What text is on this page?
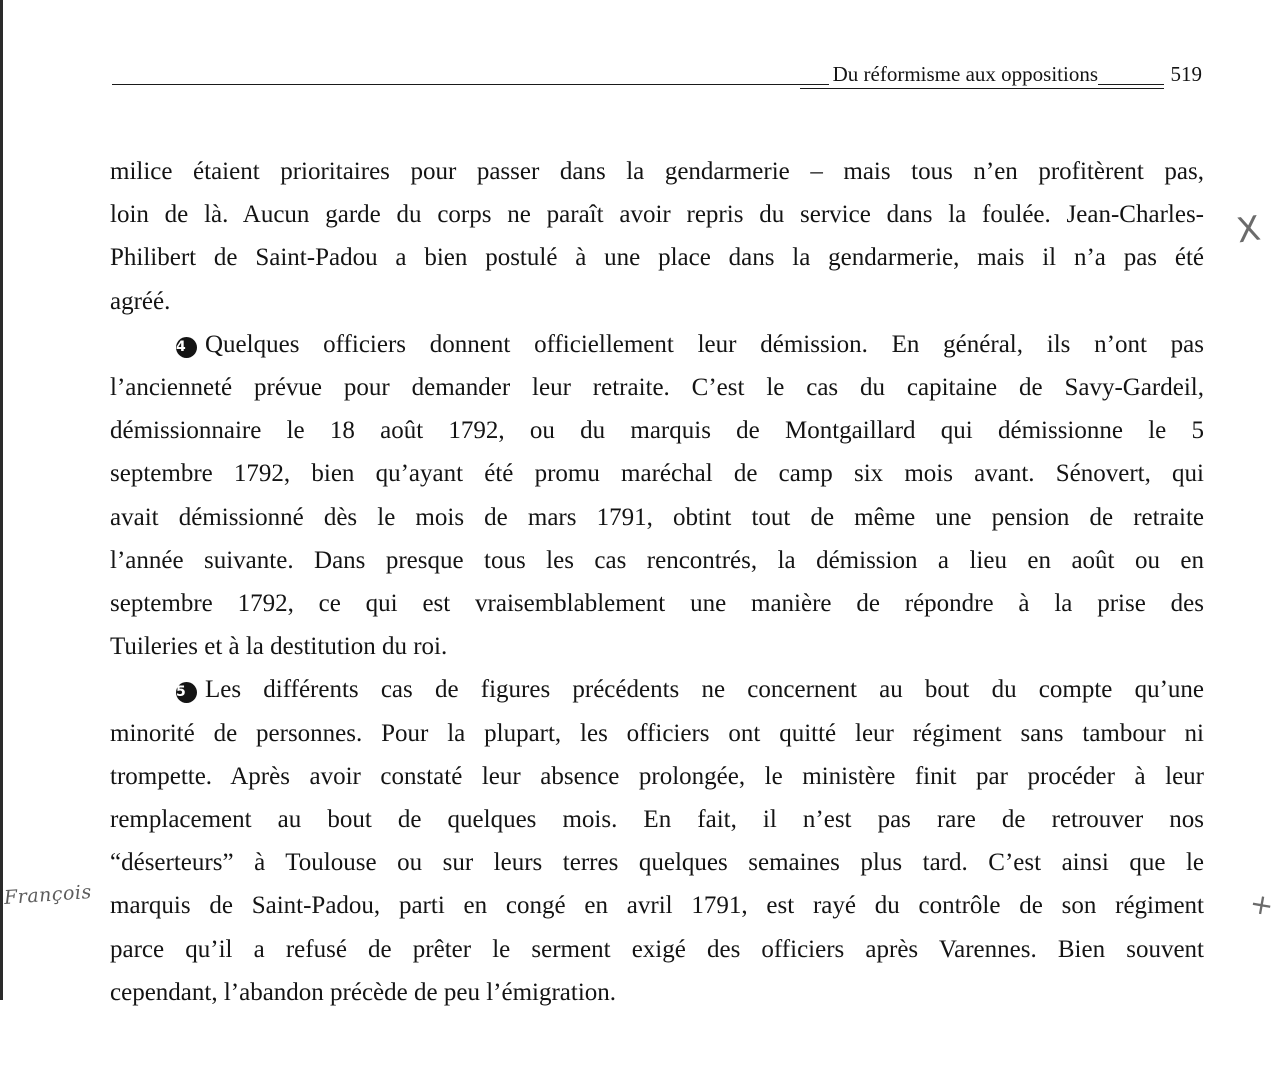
Du réformisme aux oppositions	519

milice étaient prioritaires pour passer dans la gendarmerie – mais tous n’en profitèrent pas,
loin de là. Aucun garde du corps ne paraît avoir repris du service dans la foulée. Jean-Charles-
Philibert de Saint-Padou a bien postulé à une place dans la gendarmerie, mais il n’a pas été
agréé.

4 Quelques officiers donnent officiellement leur démission. En général, ils n’ont pas
l’ancienneté prévue pour demander leur retraite. C’est le cas du capitaine de Savy-Gardeil,
démissionnaire le 18 août 1792, ou du marquis de Montgaillard qui démissionne le 5
septembre 1792, bien qu’ayant été promu maréchal de camp six mois avant. Sénovert, qui
avait démissionné dès le mois de mars 1791, obtint tout de même une pension de retraite
l’année suivante. Dans presque tous les cas rencontrés, la démission a lieu en août ou en
septembre 1792, ce qui est vraisemblablement une manière de répondre à la prise des
Tuileries et à la destitution du roi.

5 Les différents cas de figures précédents ne concernent au bout du compte qu’une
minorité de personnes. Pour la plupart, les officiers ont quitté leur régiment sans tambour ni
trompette. Après avoir constaté leur absence prolongée, le ministère finit par procéder à leur
remplacement au bout de quelques mois. En fait, il n’est pas rare de retrouver nos
“déserteurs” à Toulouse ou sur leurs terres quelques semaines plus tard. C’est ainsi que le
marquis de Saint-Padou, parti en congé en avril 1791, est rayé du contrôle de son régiment
parce qu’il a refusé de prêter le serment exigé des officiers après Varennes. Bien souvent
cependant, l’abandon précède de peu l’émigration.

X
+
François
